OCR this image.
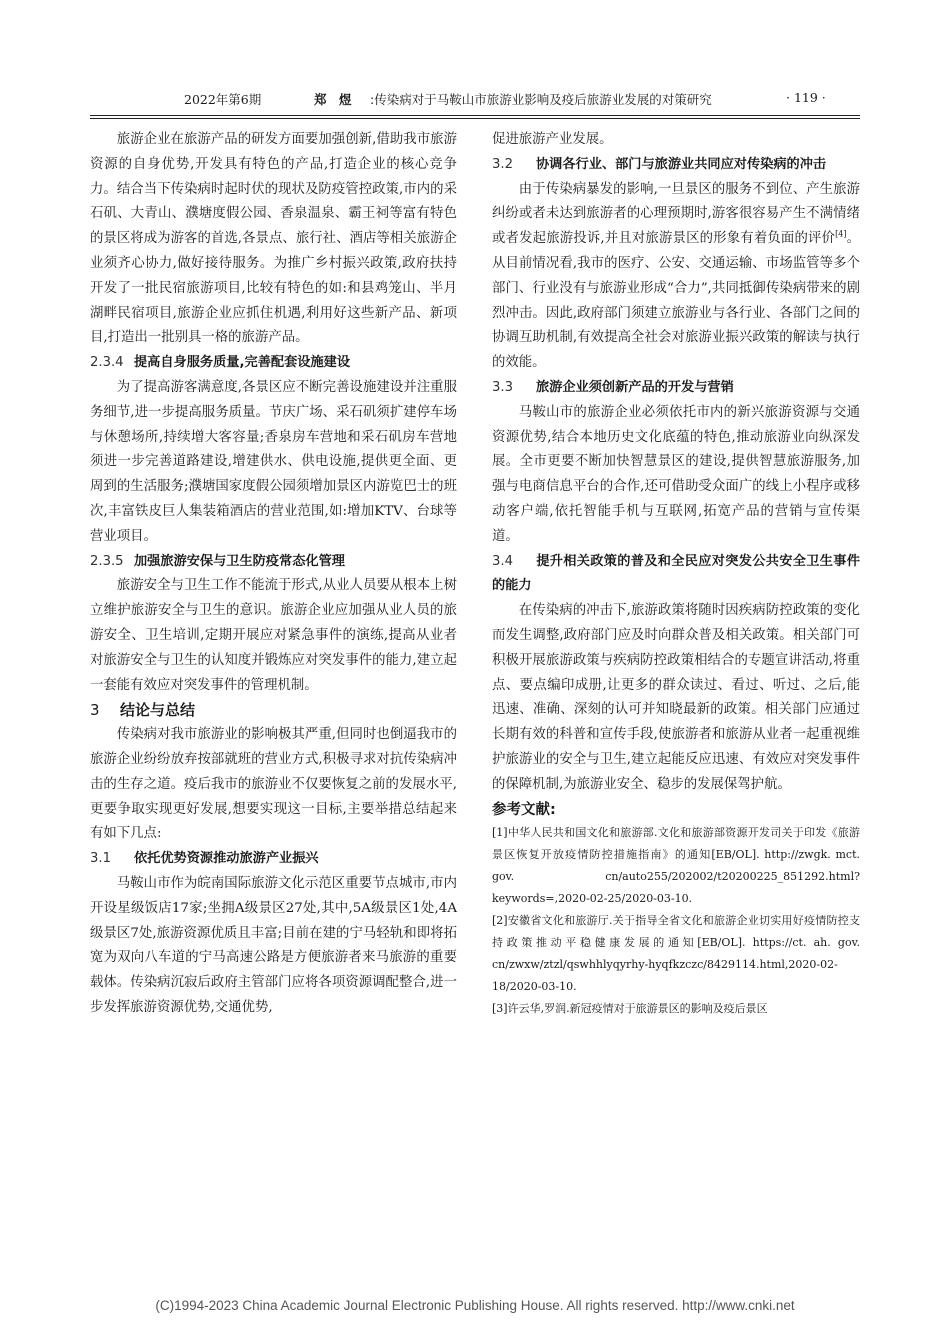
2022年第6期	郑　煜 :传染病对于马鞍山市旅游业影响及疫后旅游业发展的对策研究	· 119 ·

旅游企业在旅游产品的研发方面要加强创新,借助我市旅游资源的自身优势,开发具有特色的产品,打造企业的核心竞争力。结合当下传染病时起时伏的现状及防疫管控政策,市内的采石矶、大青山、濮塘度假公园、香泉温泉、霸王祠等富有特色的景区将成为游客的首选,各景点、旅行社、酒店等相关旅游企业须齐心协力,做好接待服务。为推广乡村振兴政策,政府扶持开发了一批民宿旅游项目,比较有特色的如:和县鸡笼山、半月湖畔民宿项目,旅游企业应抓住机遇,利用好这些新产品、新项目,打造出一批别具一格的旅游产品。

2.3.4 提高自身服务质量,完善配套设施建设

为了提高游客满意度,各景区应不断完善设施建设并注重服务细节,进一步提高服务质量。节庆广场、采石矶须扩建停车场与休憩场所,持续增大客容量;香泉房车营地和采石矶房车营地须进一步完善道路建设,增建供水、供电设施,提供更全面、更周到的生活服务;濮塘国家度假公园须增加景区内游览巴士的班次,丰富铁皮巨人集装箱酒店的营业范围,如:增加KTV、台球等营业项目。

2.3.5 加强旅游安保与卫生防疫常态化管理

旅游安全与卫生工作不能流于形式,从业人员要从根本上树立维护旅游安全与卫生的意识。旅游企业应加强从业人员的旅游安全、卫生培训,定期开展应对紧急事件的演练,提高从业者对旅游安全与卫生的认知度并锻炼应对突发事件的能力,建立起一套能有效应对突发事件的管理机制。

3 结论与总结

传染病对我市旅游业的影响极其严重,但同时也倒逼我市的旅游企业纷纷放弃按部就班的营业方式,积极寻求对抗传染病冲击的生存之道。疫后我市的旅游业不仅要恢复之前的发展水平,更要争取实现更好发展,想要实现这一目标,主要举措总结起来有如下几点:

3.1 依托优势资源推动旅游产业振兴

马鞍山市作为皖南国际旅游文化示范区重要节点城市,市内开设星级饭店17家;坐拥A级景区27处,其中,5A级景区1处,4A级景区7处,旅游资源优质且丰富;目前在建的宁马轻轨和即将拓宽为双向八车道的宁马高速公路是方便旅游者来马旅游的重要载体。传染病沉寂后政府主管部门应将各项资源调配整合,进一步发挥旅游资源优势,交通优势,

促进旅游产业发展。

3.2 协调各行业、部门与旅游业共同应对传染病的冲击

由于传染病暴发的影响,一旦景区的服务不到位、产生旅游纠纷或者未达到旅游者的心理预期时,游客很容易产生不满情绪或者发起旅游投诉,并且对旅游景区的形象有着负面的评价[4]。从目前情况看,我市的医疗、公安、交通运输、市场监管等多个部门、行业没有与旅游业形成“合力”,共同抵御传染病带来的剧烈冲击。因此,政府部门须建立旅游业与各行业、各部门之间的协调互助机制,有效提高全社会对旅游业振兴政策的解读与执行的效能。

3.3 旅游企业须创新产品的开发与营销

马鞍山市的旅游企业必须依托市内的新兴旅游资源与交通资源优势,结合本地历史文化底蕴的特色,推动旅游业向纵深发展。全市更要不断加快智慧景区的建设,提供智慧旅游服务,加强与电商信息平台的合作,还可借助受众面广的线上小程序或移动客户端,依托智能手机与互联网,拓宽产品的营销与宣传渠道。

3.4 提升相关政策的普及和全民应对突发公共安全卫生事件的能力

在传染病的冲击下,旅游政策将随时因疾病防控政策的变化而发生调整,政府部门应及时向群众普及相关政策。相关部门可积极开展旅游政策与疾病防控政策相结合的专题宣讲活动,将重点、要点编印成册,让更多的群众读过、看过、听过、之后,能迅速、准确、深刻的认可并知晓最新的政策。相关部门应通过长期有效的科普和宣传手段,使旅游者和旅游从业者一起重视维护旅游业的安全与卫生,建立起能反应迅速、有效应对突发事件的保障机制,为旅游业安全、稳步的发展保驾护航。

参考文献:

[1]中华人民共和国文化和旅游部.文化和旅游部资源开发司关于印发《旅游景区恢复开放疫情防控措施指南》的通知[EB/OL]. http://zwgk. mct. gov. cn/auto255/202002/t20200225_851292.html? keywords=,2020-02-25/2020-03-10.

[2]安徽省文化和旅游厅.关于指导全省文化和旅游企业切实用好疫情防控支持政策推动平稳健康发展的通知[EB/OL]. https://ct. ah. gov. cn/zwxw/ztzl/qswhhlyqyrhy-hyqfkzczc/8429114.html,2020-02-18/2020-03-10.

[3]许云华,罗润.新冠疫情对于旅游景区的影响及疫后景区

(C)1994-2023 China Academic Journal Electronic Publishing House. All rights reserved. http://www.cnki.net
